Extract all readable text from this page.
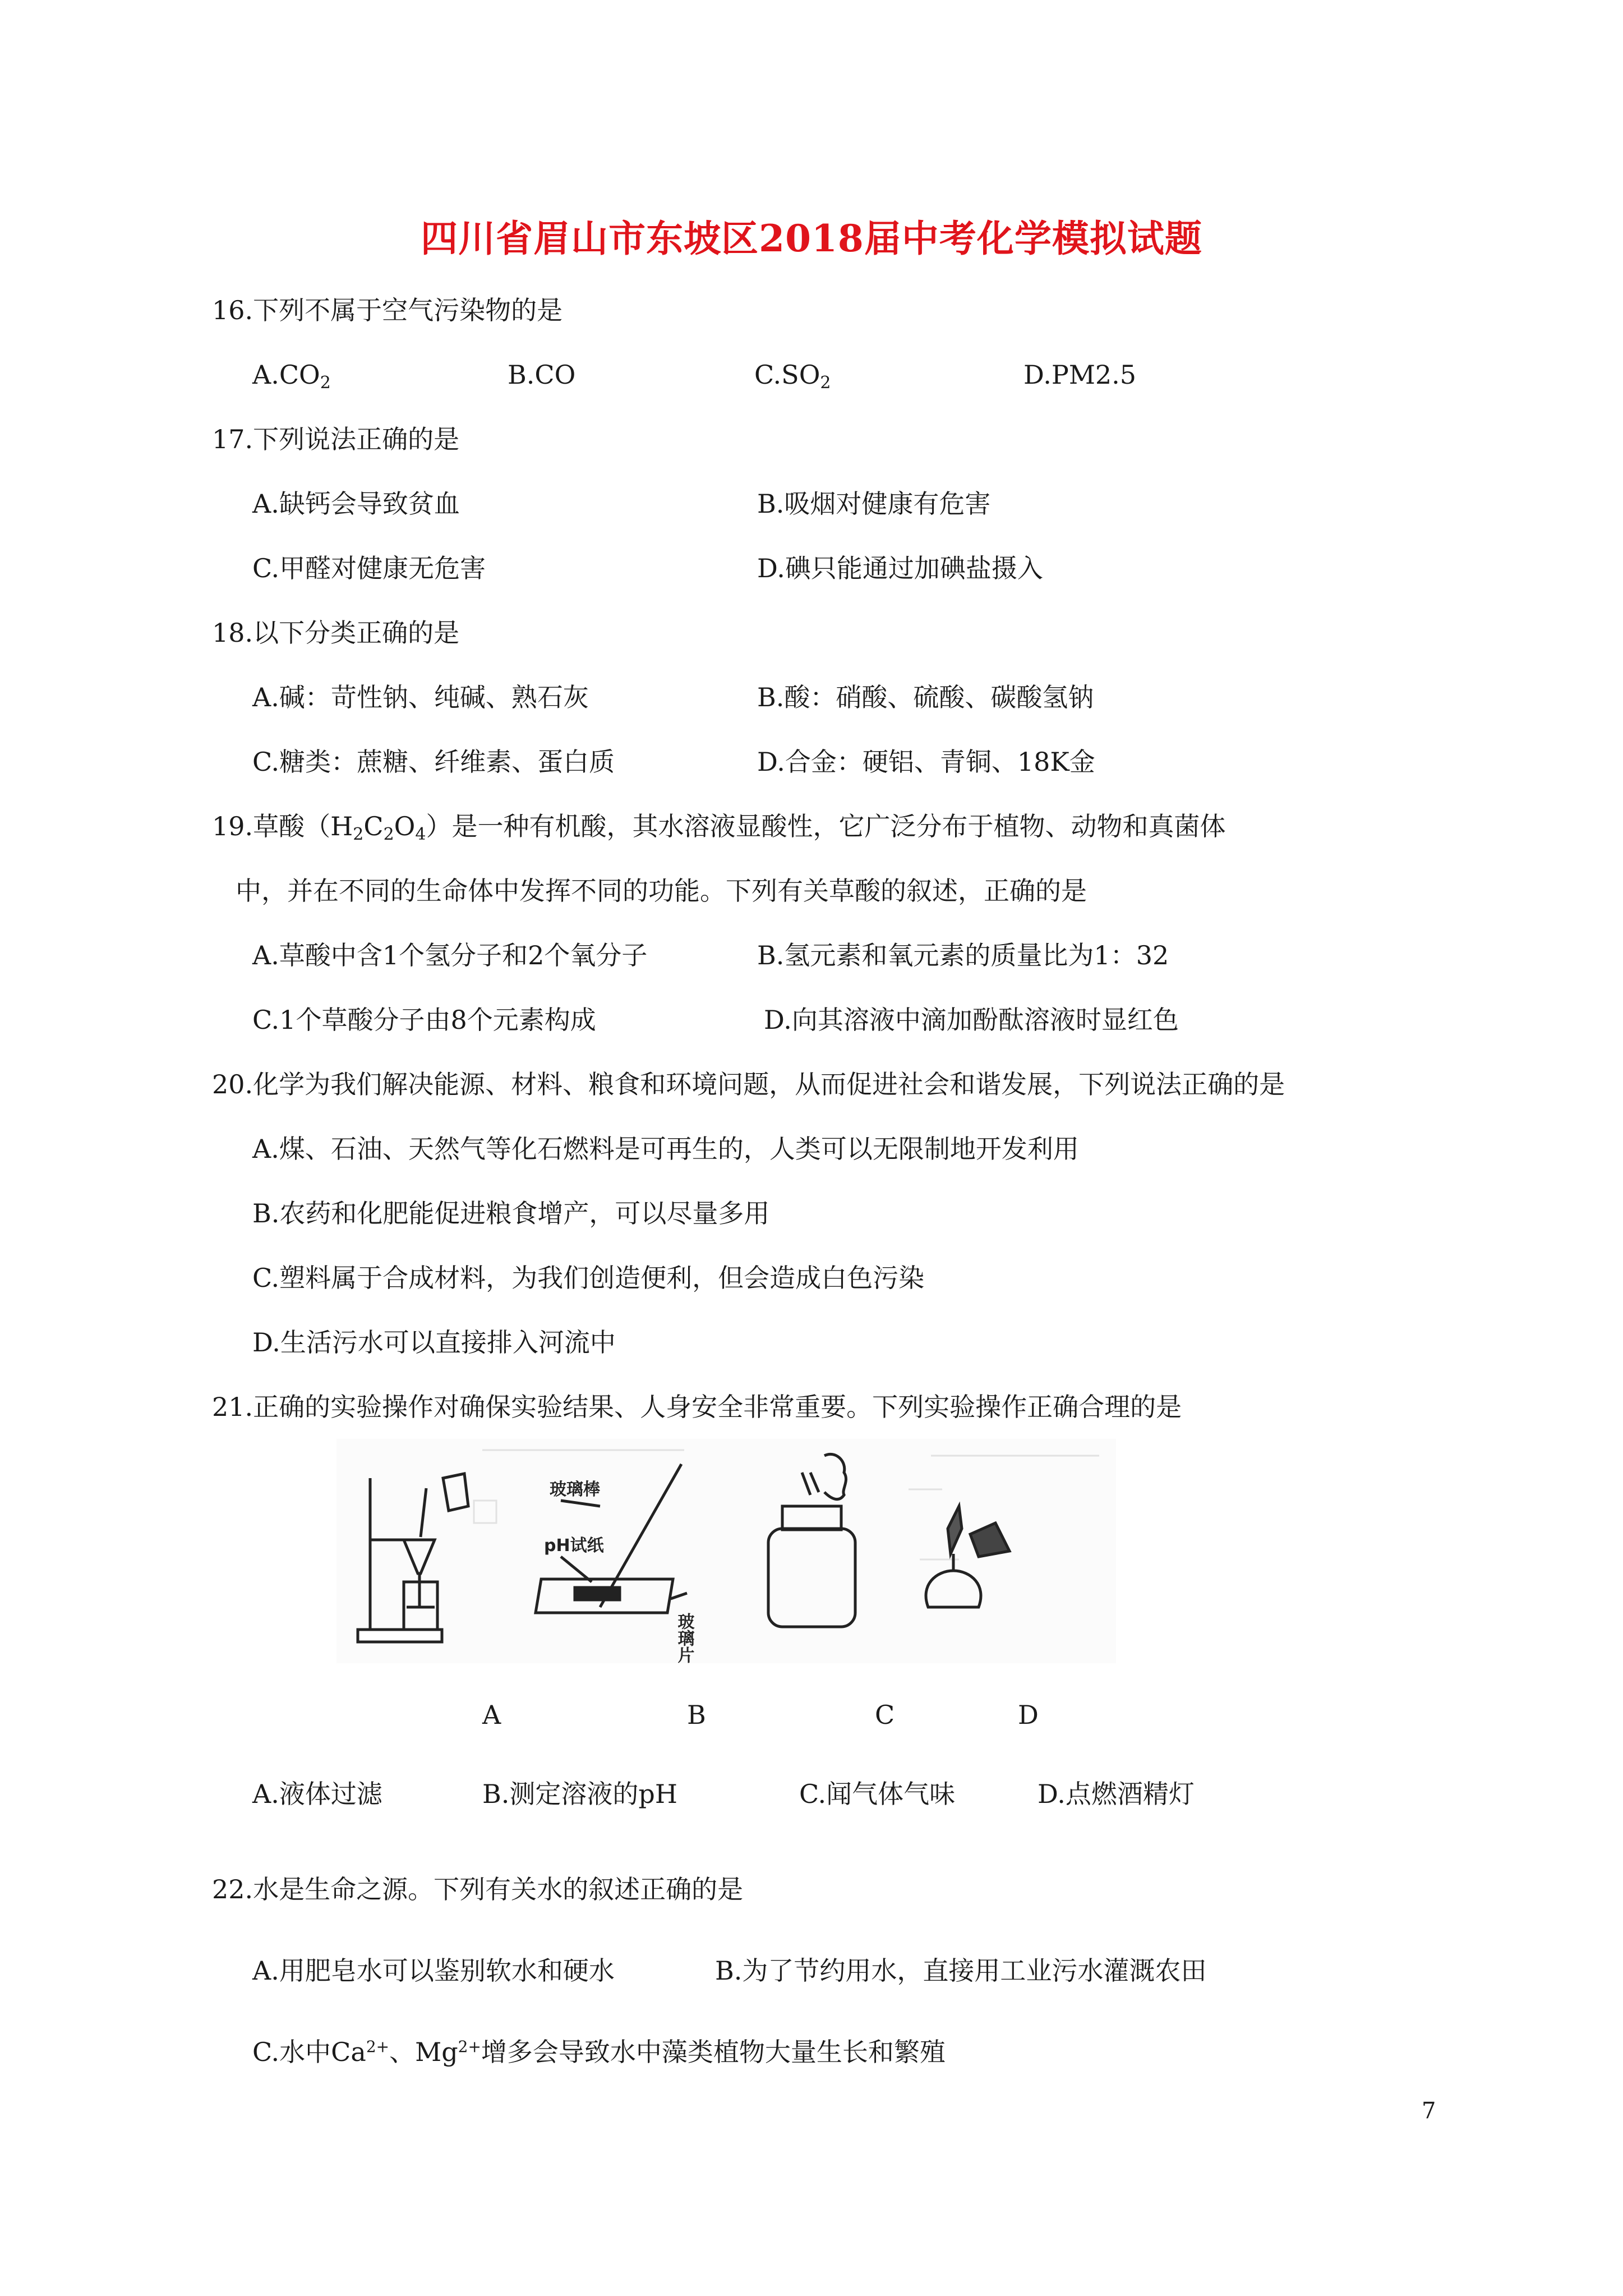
四川省眉山市东坡区2018届中考化学模拟试题
16.下列不属于空气污染物的是
$A.CO_2$	B.CO	$C.SO_2$	D.PM2.5
17.下列说法正确的是
A.缺钙会导致贫血	B.吸烟对健康有危害
C.甲醛对健康无危害	D.碘只能通过加碘盐摄入
18.以下分类正确的是
A.碱：苛性钠、纯碱、熟石灰	B.酸：硝酸、硫酸、碳酸氢钠
C.糖类：蔗糖、纤维素、蛋白质	D.合金：硬铝、青铜、18K金
19.草酸$(H_2C_2O_4)$是一种有机酸，其水溶液显酸性，它广泛分布于植物、动物和真菌体
中，并在不同的生命体中发挥不同的功能。下列有关草酸的叙述，正确的是
A.草酸中含1个氢分子和2个氧分子	B.氢元素和氧元素的质量比为1：32
C.1个草酸分子由8个元素构成	D.向其溶液中滴加酚酞溶液时显红色
20.化学为我们解决能源、材料、粮食和环境问题，从而促进社会和谐发展，下列说法正确的是
A.煤、石油、天然气等化石燃料是可再生的，人类可以无限制地开发利用
B.农药和化肥能促进粮食增产，可以尽量多用
C.塑料属于合成材料，为我们创造便利，但会造成白色污染
D.生活污水可以直接排入河流中
21.正确的实验操作对确保实验结果、人身安全非常重要。下列实验操作正确合理的是
玻璃棒
pH试纸
玻璃片
A	B	C	D
A.液体过滤	B.测定溶液的pH	C.闻气体气味	D.点燃酒精灯
22.水是生命之源。下列有关水的叙述正确的是
A.用肥皂水可以鉴别软水和硬水	B.为了节约用水，直接用工业污水灌溉农田
C.水中$Ca^{2+}$、$Mg^{2+}$增多会导致水中藻类植物大量生长和繁殖
7
